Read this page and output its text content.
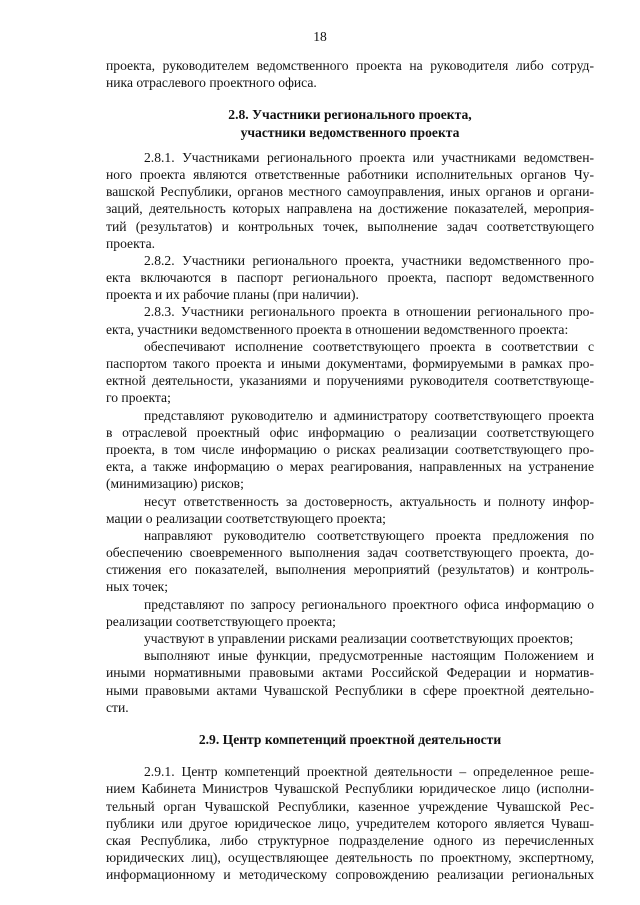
18
проекта, руководителем ведомственного проекта на руководителя либо сотруд-
ника отраслевого проектного офиса.
2.8. Участники регионального проекта,
участники ведомственного проекта
2.8.1. Участниками регионального проекта или участниками ведомствен-
ного проекта являются ответственные работники исполнительных органов Чу-
вашской Республики, органов местного самоуправления, иных органов и органи-
заций, деятельность которых направлена на достижение показателей, мероприя-
тий (результатов) и контрольных точек, выполнение задач соответствующего
проекта.
2.8.2. Участники регионального проекта, участники ведомственного про-
екта включаются в паспорт регионального проекта, паспорт ведомственного
проекта и их рабочие планы (при наличии).
2.8.3. Участники регионального проекта в отношении регионального про-
екта, участники ведомственного проекта в отношении ведомственного проекта:
обеспечивают исполнение соответствующего проекта в соответствии с
паспортом такого проекта и иными документами, формируемыми в рамках про-
ектной деятельности, указаниями и поручениями руководителя соответствующе-
го проекта;
представляют руководителю и администратору соответствующего проекта
в отраслевой проектный офис информацию о реализации соответствующего
проекта, в том числе информацию о рисках реализации соответствующего про-
екта, а также информацию о мерах реагирования, направленных на устранение
(минимизацию) рисков;
несут ответственность за достоверность, актуальность и полноту инфор-
мации о реализации соответствующего проекта;
направляют руководителю соответствующего проекта предложения по
обеспечению своевременного выполнения задач соответствующего проекта, до-
стижения его показателей, выполнения мероприятий (результатов) и контроль-
ных точек;
представляют по запросу регионального проектного офиса информацию о
реализации соответствующего проекта;
участвуют в управлении рисками реализации соответствующих проектов;
выполняют иные функции, предусмотренные настоящим Положением и
иными нормативными правовыми актами Российской Федерации и норматив-
ными правовыми актами Чувашской Республики в сфере проектной деятельно-
сти.
2.9. Центр компетенций проектной деятельности
2.9.1. Центр компетенций проектной деятельности – определенное реше-
нием Кабинета Министров Чувашской Республики юридическое лицо (исполни-
тельный орган Чувашской Республики, казенное учреждение Чувашской Рес-
публики или другое юридическое лицо, учредителем которого является Чуваш-
ская Республика, либо структурное подразделение одного из перечисленных
юридических лиц), осуществляющее деятельность по проектному, экспертному,
информационному и методическому сопровождению реализации региональных
